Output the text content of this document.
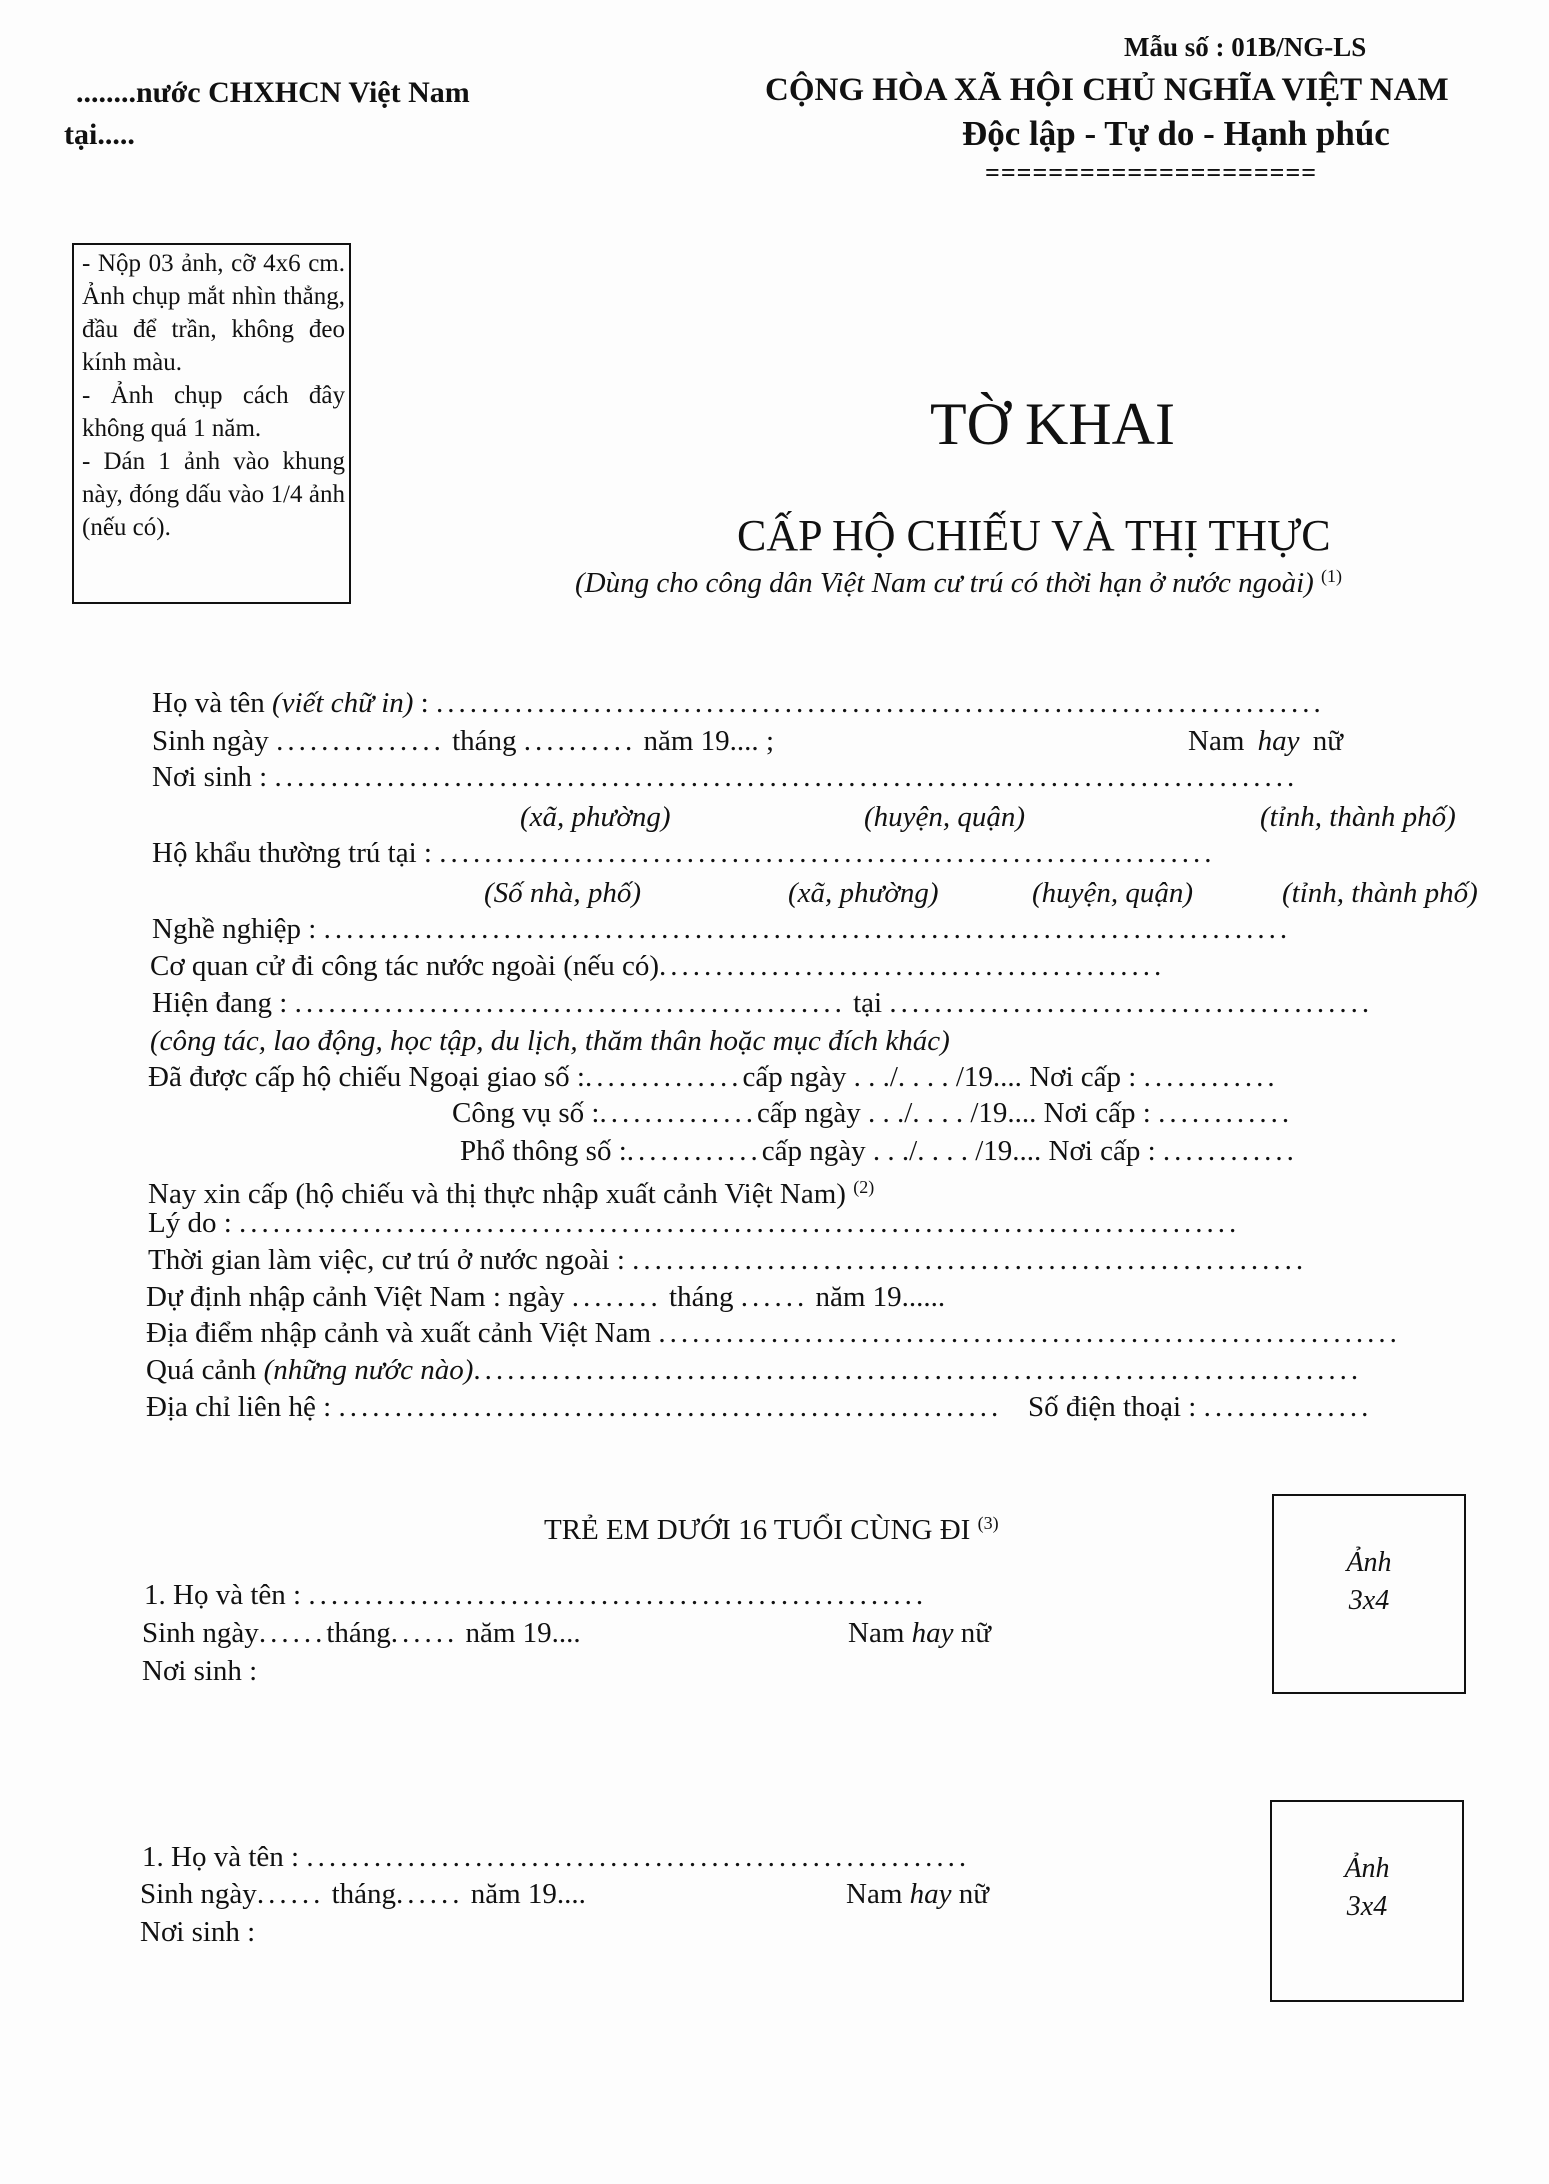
Mẫu số : 01B/NG-LS
........nước CHXHCN Việt Nam
tại.....
CỘNG HÒA XÃ HỘI CHỦ NGHĨA VIỆT NAM
Độc lập - Tự do - Hạnh phúc
=====================
- Nộp 03 ảnh, cỡ 4x6 cm. Ảnh chụp mắt nhìn thẳng, đầu để trần, không đeo kính màu.
- Ảnh chụp cách đây không quá 1 năm.
- Dán 1 ảnh vào khung này, đóng dấu vào 1/4 ảnh (nếu có).
TỜ KHAI
CẤP HỘ CHIẾU VÀ THỊ THỰC
(Dùng cho công dân Việt Nam cư trú có thời hạn ở nước ngoài) $^{(1)}$
Họ và tên (viết chữ in) : ...............................................................................
Sinh ngày ............... tháng .......... năm 19.... ;	Nam hay nữ
Nơi sinh : ...........................................................................................
(xã, phường)	(huyện, quận)	(tỉnh, thành phố)
Hộ khẩu thường trú tại : .....................................................................
(Số nhà, phố)	(xã, phường)	(huyện, quận)	(tỉnh, thành phố)
Nghề nghiệp : ......................................................................................
Cơ quan cử đi công tác nước ngoài (nếu có).............................................
Hiện đang : ................................................. tại ...........................................
(công tác, lao động, học tập, du lịch, thăm thân hoặc mục đích khác)
Đã được cấp hộ chiếu Ngoại giao số :..............cấp ngày . . ./. . . . /19.... Nơi cấp : ............
Công vụ số :..............cấp ngày . . ./. . . . /19.... Nơi cấp : ............
Phổ thông số :............cấp ngày . . ./. . . . /19.... Nơi cấp : ............
Nay xin cấp (hộ chiếu và thị thực nhập xuất cảnh Việt Nam) $^{(2)}$
Lý do : .........................................................................................
Thời gian làm việc, cư trú ở nước ngoài : ............................................................
Dự định nhập cảnh Việt Nam : ngày ........ tháng ...... năm 19......
Địa điểm nhập cảnh và xuất cảnh Việt Nam ..................................................................
Quá cảnh (những nước nào)...............................................................................
Địa chỉ liên hệ : ........................................................... Số điện thoại : ...............
TRẺ EM DƯỚI 16 TUỔI CÙNG ĐI $^{(3)}$
1. Họ và tên : .......................................................
Sinh ngày......tháng...... năm 19....	Nam hay nữ
Nơi sinh :
Ảnh
3x4
1. Họ và tên : ...........................................................
Sinh ngày...... tháng...... năm 19....	Nam hay nữ
Nơi sinh :
Ảnh
3x4
